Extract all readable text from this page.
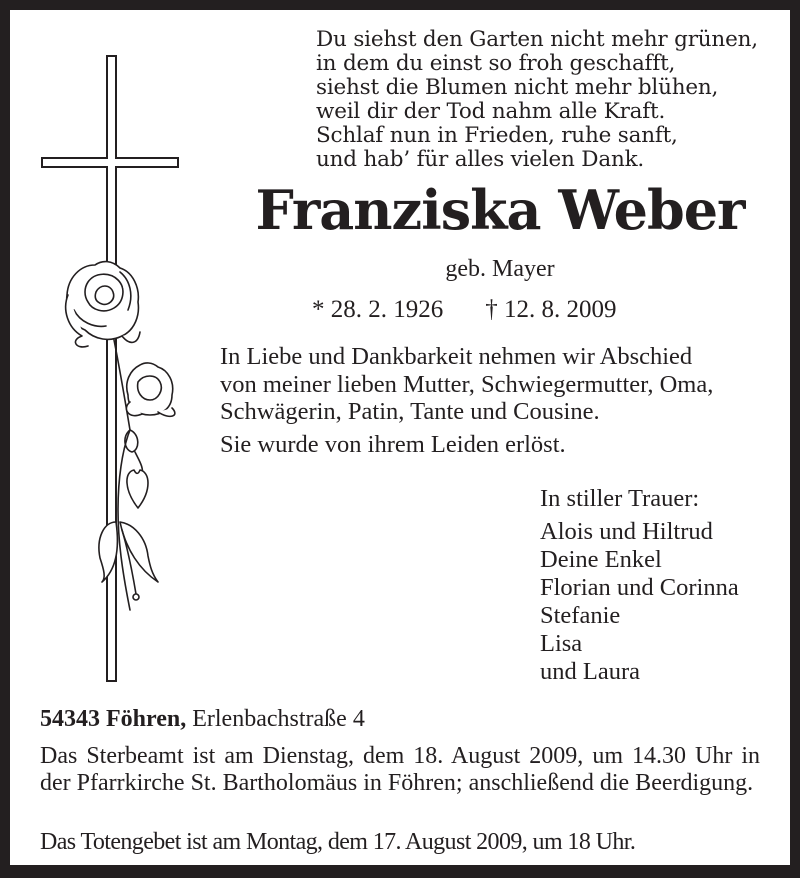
Du siehst den Garten nicht mehr grünen,
in dem du einst so froh geschafft,
siehst die Blumen nicht mehr blühen,
weil dir der Tod nahm alle Kraft.
Schlaf nun in Frieden, ruhe sanft,
und hab’ für alles vielen Dank.
Franziska Weber
geb. Mayer
* 28. 2. 1926 † 12. 8. 2009
In Liebe und Dankbarkeit nehmen wir Abschied
von meiner lieben Mutter, Schwiegermutter, Oma,
Schwägerin, Patin, Tante und Cousine.
Sie wurde von ihrem Leiden erlöst.
In stiller Trauer:
Alois und Hiltrud
Deine Enkel
Florian und Corinna
Stefanie
Lisa
und Laura
54343 Föhren, Erlenbachstraße 4
Das Sterbeamt ist am Dienstag, dem 18. August 2009, um 14.30 Uhr in der Pfarrkirche St. Bartholomäus in Föhren; anschließend die Beerdigung.
Das Totengebet ist am Montag, dem 17. August 2009, um 18 Uhr.
